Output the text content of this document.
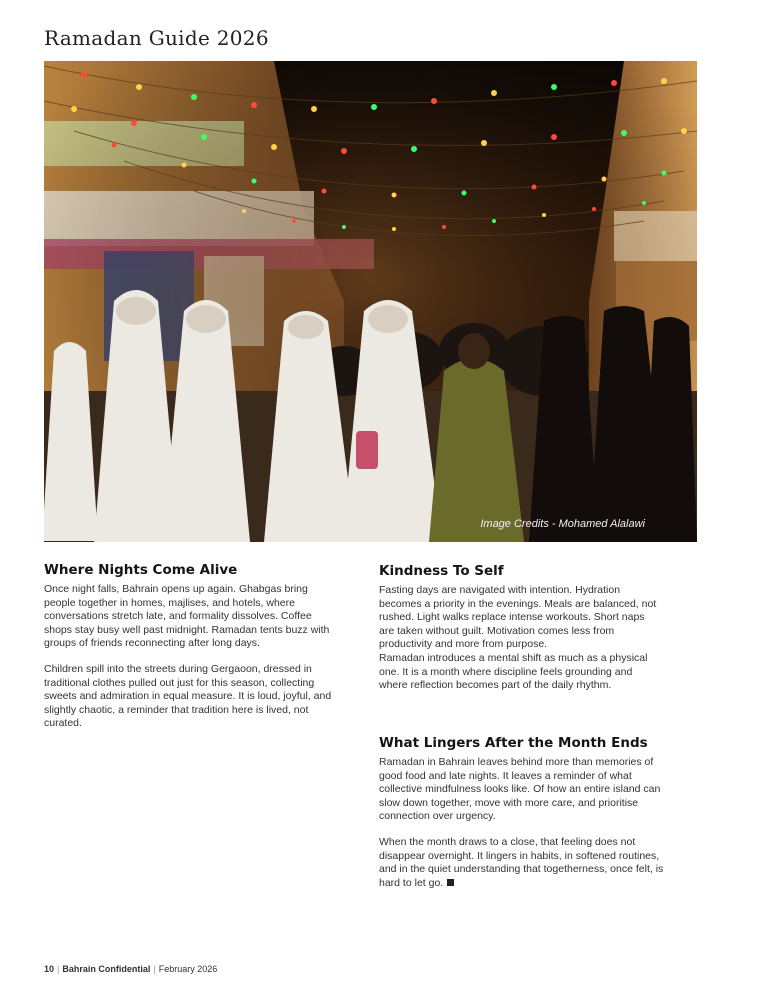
Ramadan Guide 2026
Image Credits - Mohamed Alalawi
Where Nights Come Alive

Once night falls, Bahrain opens up again. Ghabgas bring people together in homes, majlises, and hotels, where conversations stretch late, and formality dissolves. Coffee shops stay busy well past midnight. Ramadan tents buzz with groups of friends reconnecting after long days.

Children spill into the streets during Gergaoon, dressed in traditional clothes pulled out just for this season, collecting sweets and admiration in equal measure. It is loud, joyful, and slightly chaotic, a reminder that tradition here is lived, not curated.

Kindness To Self

Fasting days are navigated with intention. Hydration becomes a priority in the evenings. Meals are balanced, not rushed. Light walks replace intense workouts. Short naps are taken without guilt. Motivation comes less from productivity and more from purpose.

Ramadan introduces a mental shift as much as a physical one. It is a month where discipline feels grounding and where reflection becomes part of the daily rhythm.

What Lingers After the Month Ends

Ramadan in Bahrain leaves behind more than memories of good food and late nights. It leaves a reminder of what collective mindfulness looks like. Of how an entire island can slow down together, move with more care, and prioritise connection over urgency.

When the month draws to a close, that feeling does not disappear overnight. It lingers in habits, in softened routines, and in the quiet understanding that togetherness, once felt, is hard to let go.

10 | Bahrain Confidential | February 2026
